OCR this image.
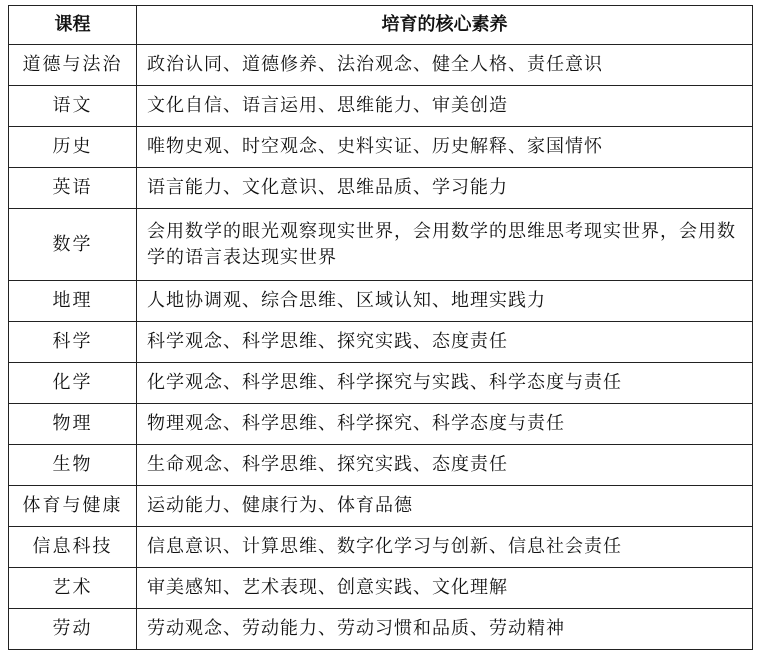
课程	培育的核心素养
道德与法治	政治认同、道德修养、法治观念、健全人格、责任意识
语文	文化自信、语言运用、思维能力、审美创造
历史	唯物史观、时空观念、史料实证、历史解释、家国情怀
英语	语言能力、文化意识、思维品质、学习能力
数学	会用数学的眼光观察现实世界，会用数学的思维思考现实世界，会用数学的语言表达现实世界
地理	人地协调观、综合思维、区域认知、地理实践力
科学	科学观念、科学思维、探究实践、态度责任
化学	化学观念、科学思维、科学探究与实践、科学态度与责任
物理	物理观念、科学思维、科学探究、科学态度与责任
生物	生命观念、科学思维、探究实践、态度责任
体育与健康	运动能力、健康行为、体育品德
信息科技	信息意识、计算思维、数字化学习与创新、信息社会责任
艺术	审美感知、艺术表现、创意实践、文化理解
劳动	劳动观念、劳动能力、劳动习惯和品质、劳动精神
